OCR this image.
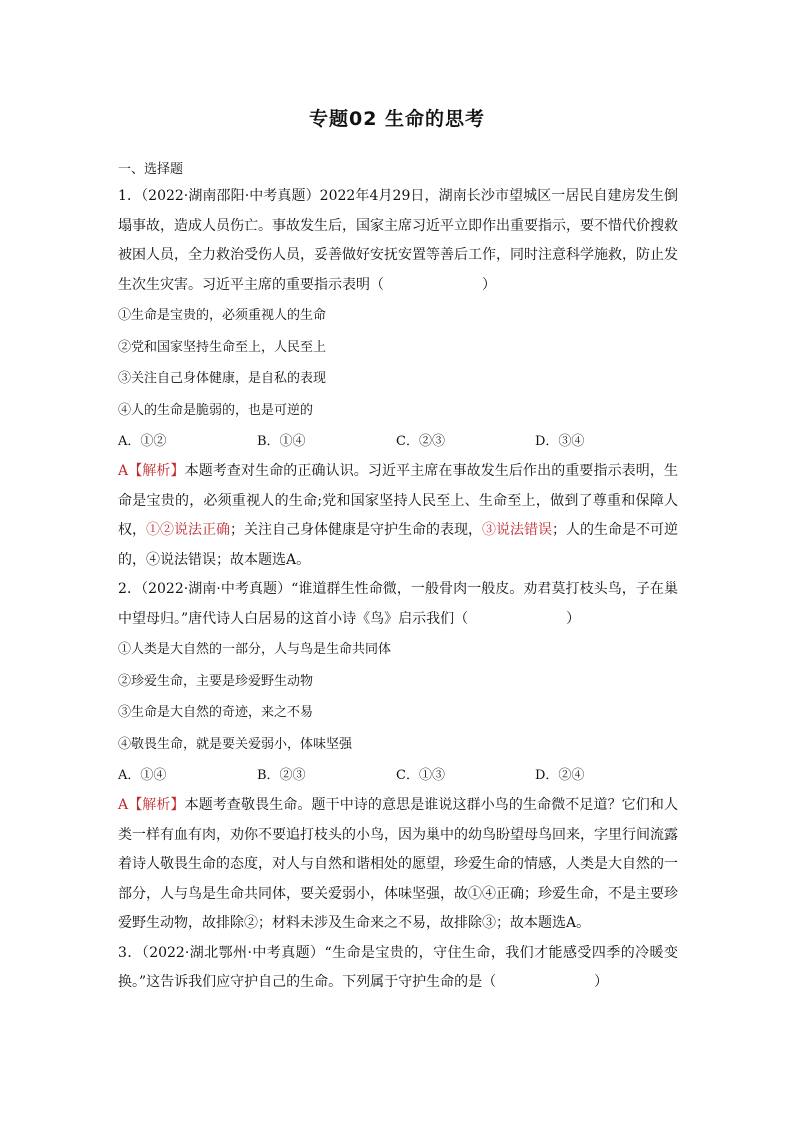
专题02 生命的思考
一、选择题

1．（2022·湖南邵阳·中考真题）2022年4月29日，湖南长沙市望城区一居民自建房发生倒塌事故，造成人员伤亡。事故发生后，国家主席习近平立即作出重要指示，要不惜代价搜救被困人员，全力救治受伤人员，妥善做好安抚安置等善后工作，同时注意科学施救，防止发生次生灾害。习近平主席的重要指示表明（　　　　　　　）

①生命是宝贵的，必须重视人的生命

②党和国家坚持生命至上，人民至上

③关注自己身体健康，是自私的表现

④人的生命是脆弱的，也是可逆的

A．①②	B．①④	C．②③	D．③④

A【解析】本题考查对生命的正确认识。习近平主席在事故发生后作出的重要指示表明，生命是宝贵的，必须重视人的生命;党和国家坚持人民至上、生命至上，做到了尊重和保障人权，①②说法正确；关注自己身体健康是守护生命的表现，③说法错误；人的生命是不可逆的，④说法错误；故本题选A。

2．（2022·湖南·中考真题）“谁道群生性命微，一般骨肉一般皮。劝君莫打枝头鸟，子在巢中望母归。”唐代诗人白居易的这首小诗《鸟》启示我们（　　　　　　　）

①人类是大自然的一部分，人与鸟是生命共同体

②珍爱生命，主要是珍爱野生动物

③生命是大自然的奇迹，来之不易

④敬畏生命，就是要关爱弱小，体味坚强

A．①④	B．②③	C．①③	D．②④

A【解析】本题考查敬畏生命。题干中诗的意思是谁说这群小鸟的生命微不足道？它们和人类一样有血有肉，劝你不要追打枝头的小鸟，因为巢中的幼鸟盼望母鸟回来，字里行间流露着诗人敬畏生命的态度，对人与自然和谐相处的愿望，珍爱生命的情感，人类是大自然的一部分，人与鸟是生命共同体，要关爱弱小，体味坚强，故①④正确；珍爱生命，不是主要珍爱野生动物，故排除②；材料未涉及生命来之不易，故排除③；故本题选A。

3．（2022·湖北鄂州·中考真题）“生命是宝贵的，守住生命，我们才能感受四季的冷暖变换。”这告诉我们应守护自己的生命。下列属于守护生命的是（　　　　　　　）
